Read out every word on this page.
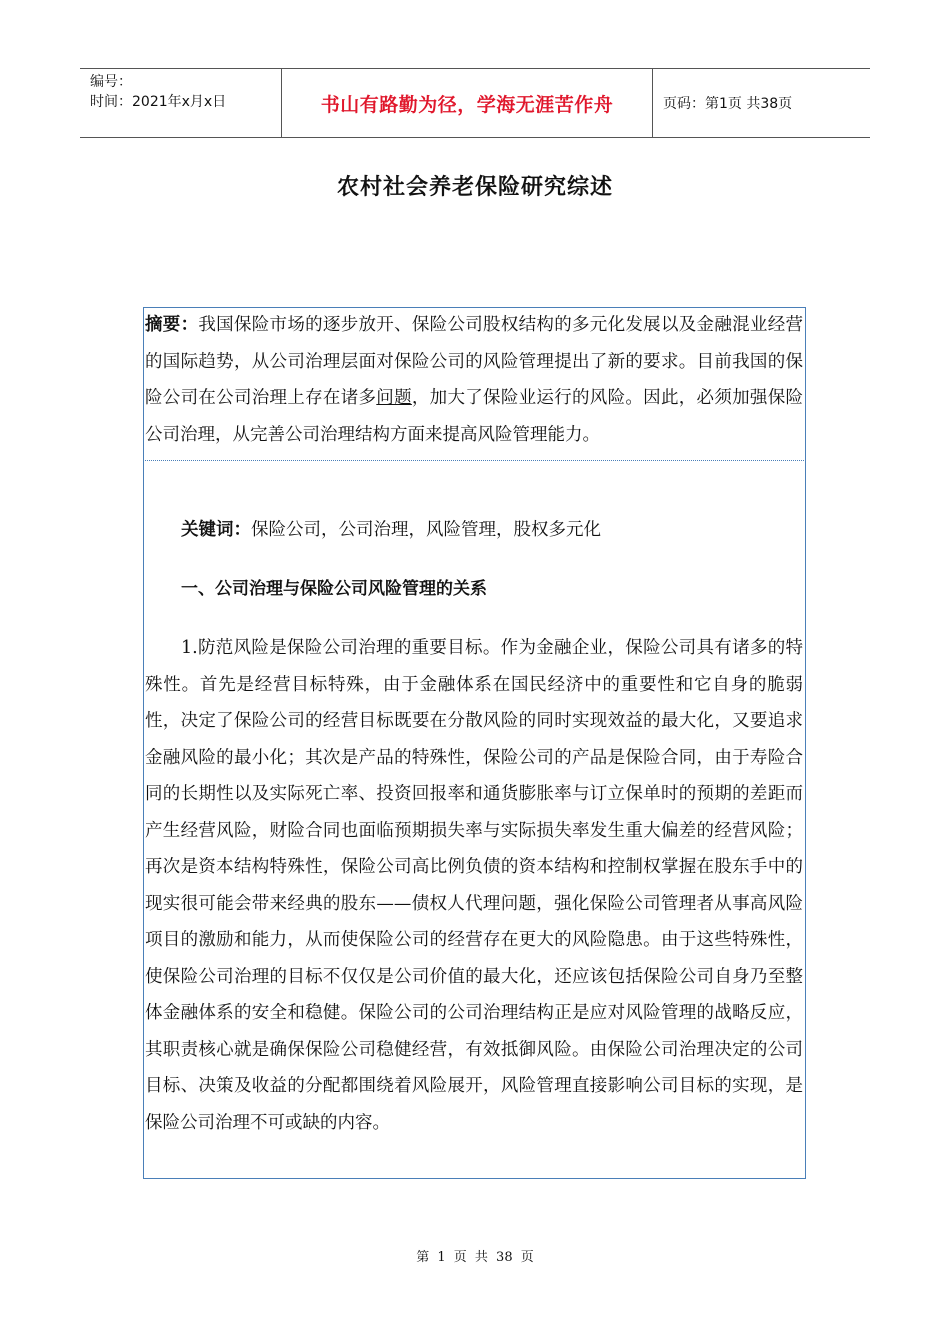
编号：
时间：2021年x月x日	书山有路勤为径，学海无涯苦作舟	页码：第1页 共38页
农村社会养老保险研究综述

摘要：我国保险市场的逐步放开、保险公司股权结构的多元化发展以及金融混业经营的国际趋势，从公司治理层面对保险公司的风险管理提出了新的要求。目前我国的保险公司在公司治理上存在诸多问题，加大了保险业运行的风险。因此，必须加强保险公司治理，从完善公司治理结构方面来提高风险管理能力。

关键词：保险公司，公司治理，风险管理，股权多元化

一、公司治理与保险公司风险管理的关系

1.防范风险是保险公司治理的重要目标。作为金融企业，保险公司具有诸多的特殊性。首先是经营目标特殊，由于金融体系在国民经济中的重要性和它自身的脆弱性，决定了保险公司的经营目标既要在分散风险的同时实现效益的最大化，又要追求金融风险的最小化；其次是产品的特殊性，保险公司的产品是保险合同，由于寿险合同的长期性以及实际死亡率、投资回报率和通货膨胀率与订立保单时的预期的差距而产生经营风险，财险合同也面临预期损失率与实际损失率发生重大偏差的经营风险；再次是资本结构特殊性，保险公司高比例负债的资本结构和控制权掌握在股东手中的现实很可能会带来经典的股东——债权人代理问题，强化保险公司管理者从事高风险项目的激励和能力，从而使保险公司的经营存在更大的风险隐患。由于这些特殊性，使保险公司治理的目标不仅仅是公司价值的最大化，还应该包括保险公司自身乃至整体金融体系的安全和稳健。保险公司的公司治理结构正是应对风险管理的战略反应，其职责核心就是确保保险公司稳健经营，有效抵御风险。由保险公司治理决定的公司目标、决策及收益的分配都围绕着风险展开，风险管理直接影响公司目标的实现，是保险公司治理不可或缺的内容。

第 1 页 共 38 页
